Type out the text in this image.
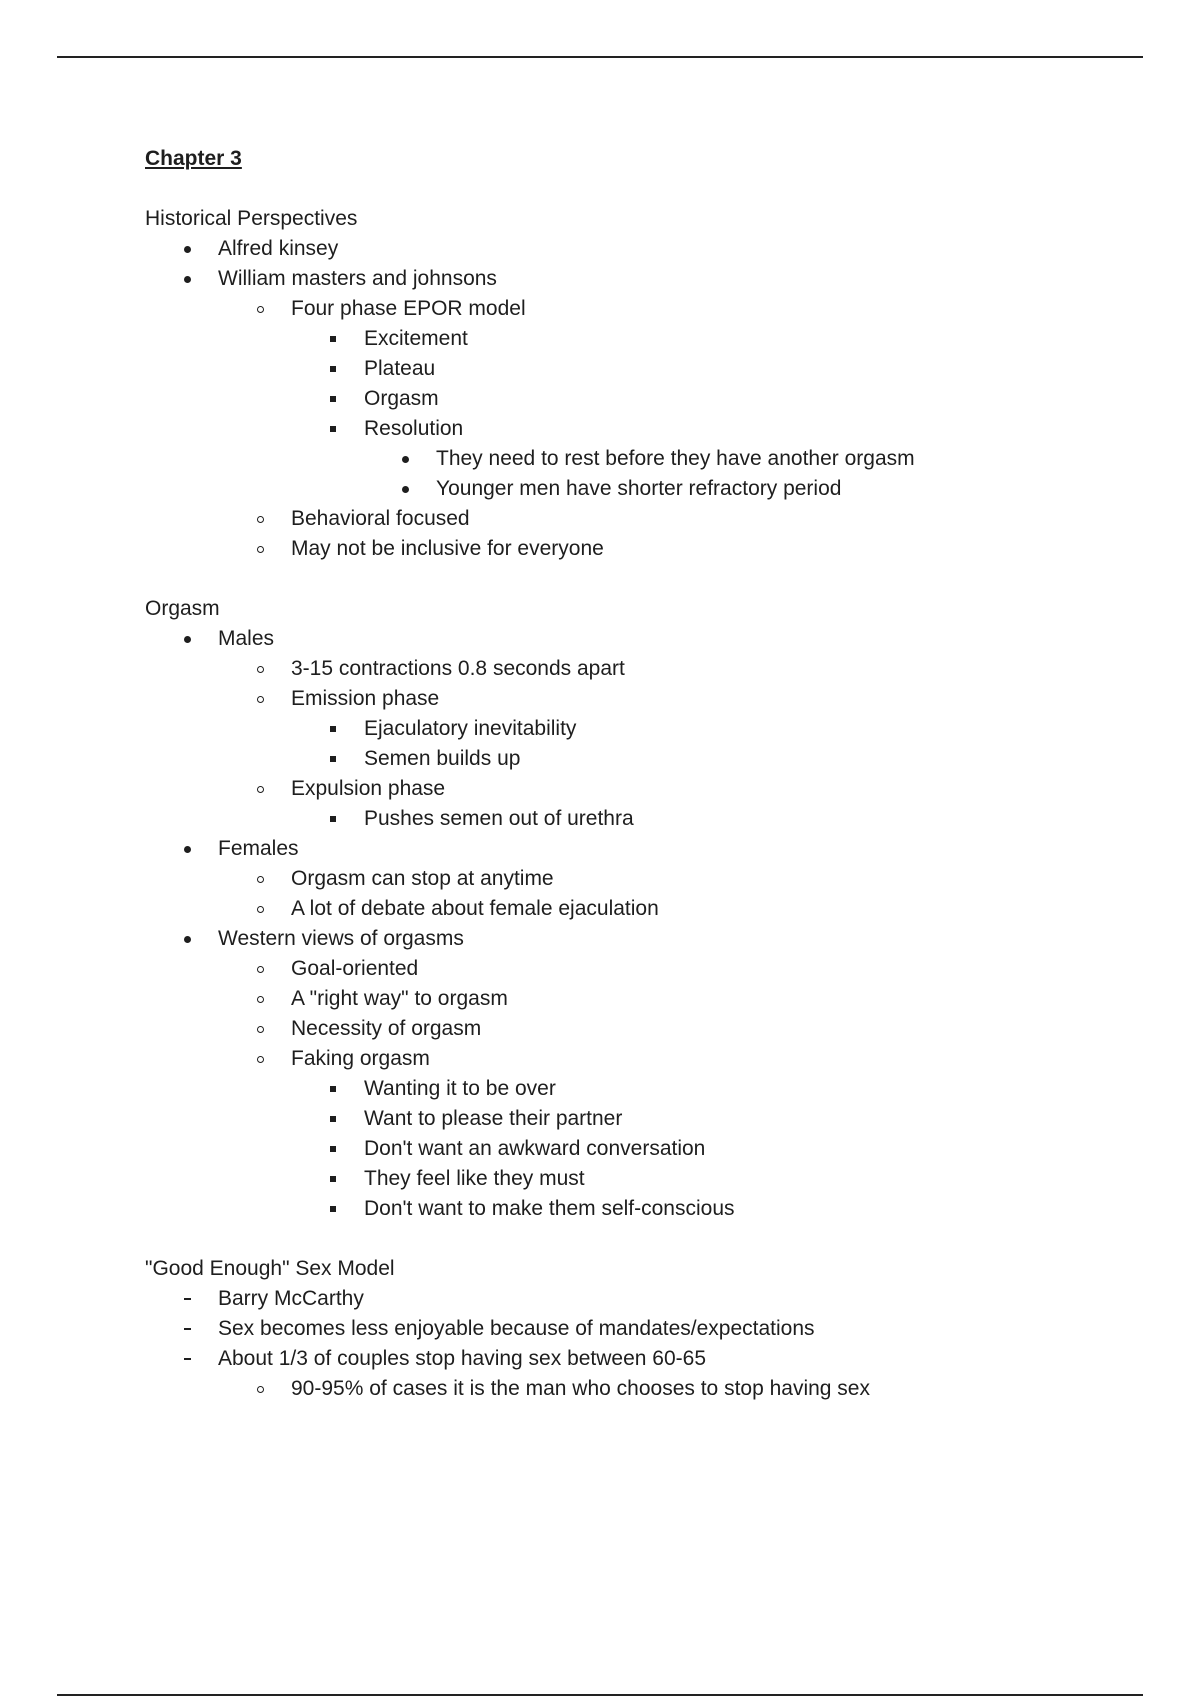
Chapter 3
Historical Perspectives
Alfred kinsey
William masters and johnsons
Four phase EPOR model
Excitement
Plateau
Orgasm
Resolution
They need to rest before they have another orgasm
Younger men have shorter refractory period
Behavioral focused
May not be inclusive for everyone
Orgasm
Males
3-15 contractions 0.8 seconds apart
Emission phase
Ejaculatory inevitability
Semen builds up
Expulsion phase
Pushes semen out of urethra
Females
Orgasm can stop at anytime
A lot of debate about female ejaculation
Western views of orgasms
Goal-oriented
A "right way" to orgasm
Necessity of orgasm
Faking orgasm
Wanting it to be over
Want to please their partner
Don't want an awkward conversation
They feel like they must
Don't want to make them self-conscious
"Good Enough" Sex Model
Barry McCarthy
Sex becomes less enjoyable because of mandates/expectations
About 1/3 of couples stop having sex between 60-65
90-95% of cases it is the man who chooses to stop having sex
